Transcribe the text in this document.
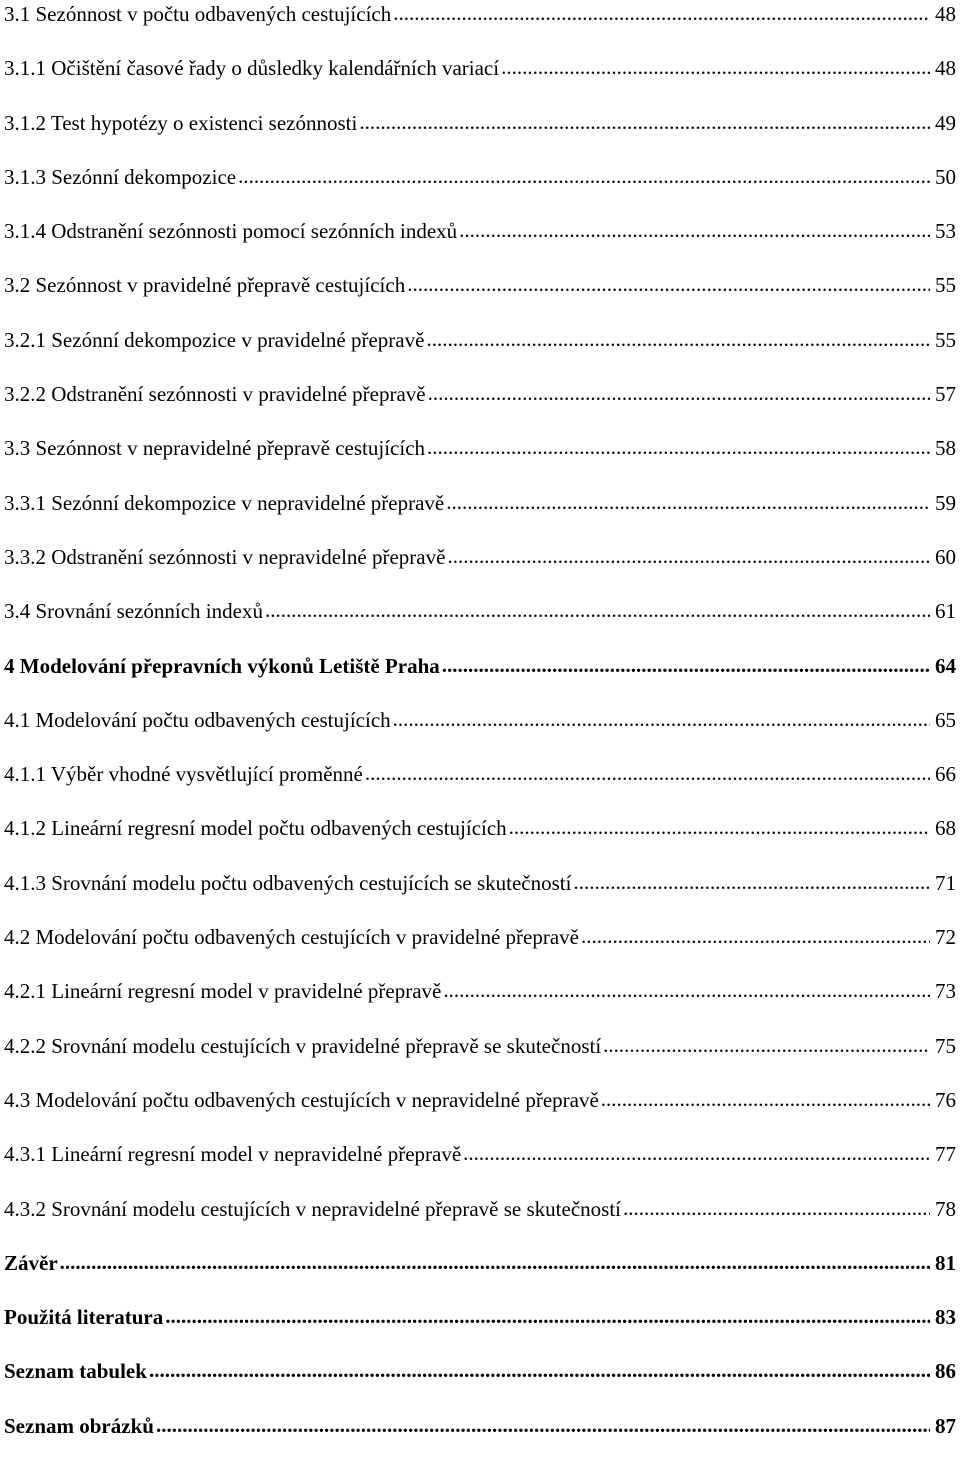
3.1 Sezónnost v počtu odbavených cestujících .....	48
3.1.1 Očištění časové řady o důsledky kalendářních variací .....	48
3.1.2 Test hypotézy o existenci sezónnosti .....	49
3.1.3 Sezónní dekompozice .....	50
3.1.4 Odstranění sezónnosti pomocí sezónních indexů .....	53
3.2 Sezónnost v pravidelné přepravě cestujících .....	55
3.2.1 Sezónní dekompozice v pravidelné přepravě .....	55
3.2.2 Odstranění sezónnosti v pravidelné přepravě .....	57
3.3 Sezónnost v nepravidelné přepravě cestujících .....	58
3.3.1 Sezónní dekompozice v nepravidelné přepravě .....	59
3.3.2 Odstranění sezónnosti v nepravidelné přepravě .....	60
3.4 Srovnání sezónních indexů .....	61
4 Modelování přepravních výkonů Letiště Praha .....	64
4.1 Modelování počtu odbavených cestujících .....	65
4.1.1 Výběr vhodné vysvětlující proměnné .....	66
4.1.2 Lineární regresní model počtu odbavených cestujících .....	68
4.1.3 Srovnání modelu počtu odbavených cestujících se skutečností .....	71
4.2 Modelování počtu odbavených cestujících v pravidelné přepravě .....	72
4.2.1 Lineární regresní model v pravidelné přepravě .....	73
4.2.2 Srovnání modelu cestujících v pravidelné přepravě se skutečností .....	75
4.3 Modelování počtu odbavených cestujících v nepravidelné přepravě .....	76
4.3.1 Lineární regresní model v nepravidelné přepravě .....	77
4.3.2 Srovnání modelu cestujících v nepravidelné přepravě se skutečností .....	78
Závěr .....	81
Použitá literatura .....	83
Seznam tabulek .....	86
Seznam obrázků .....	87
